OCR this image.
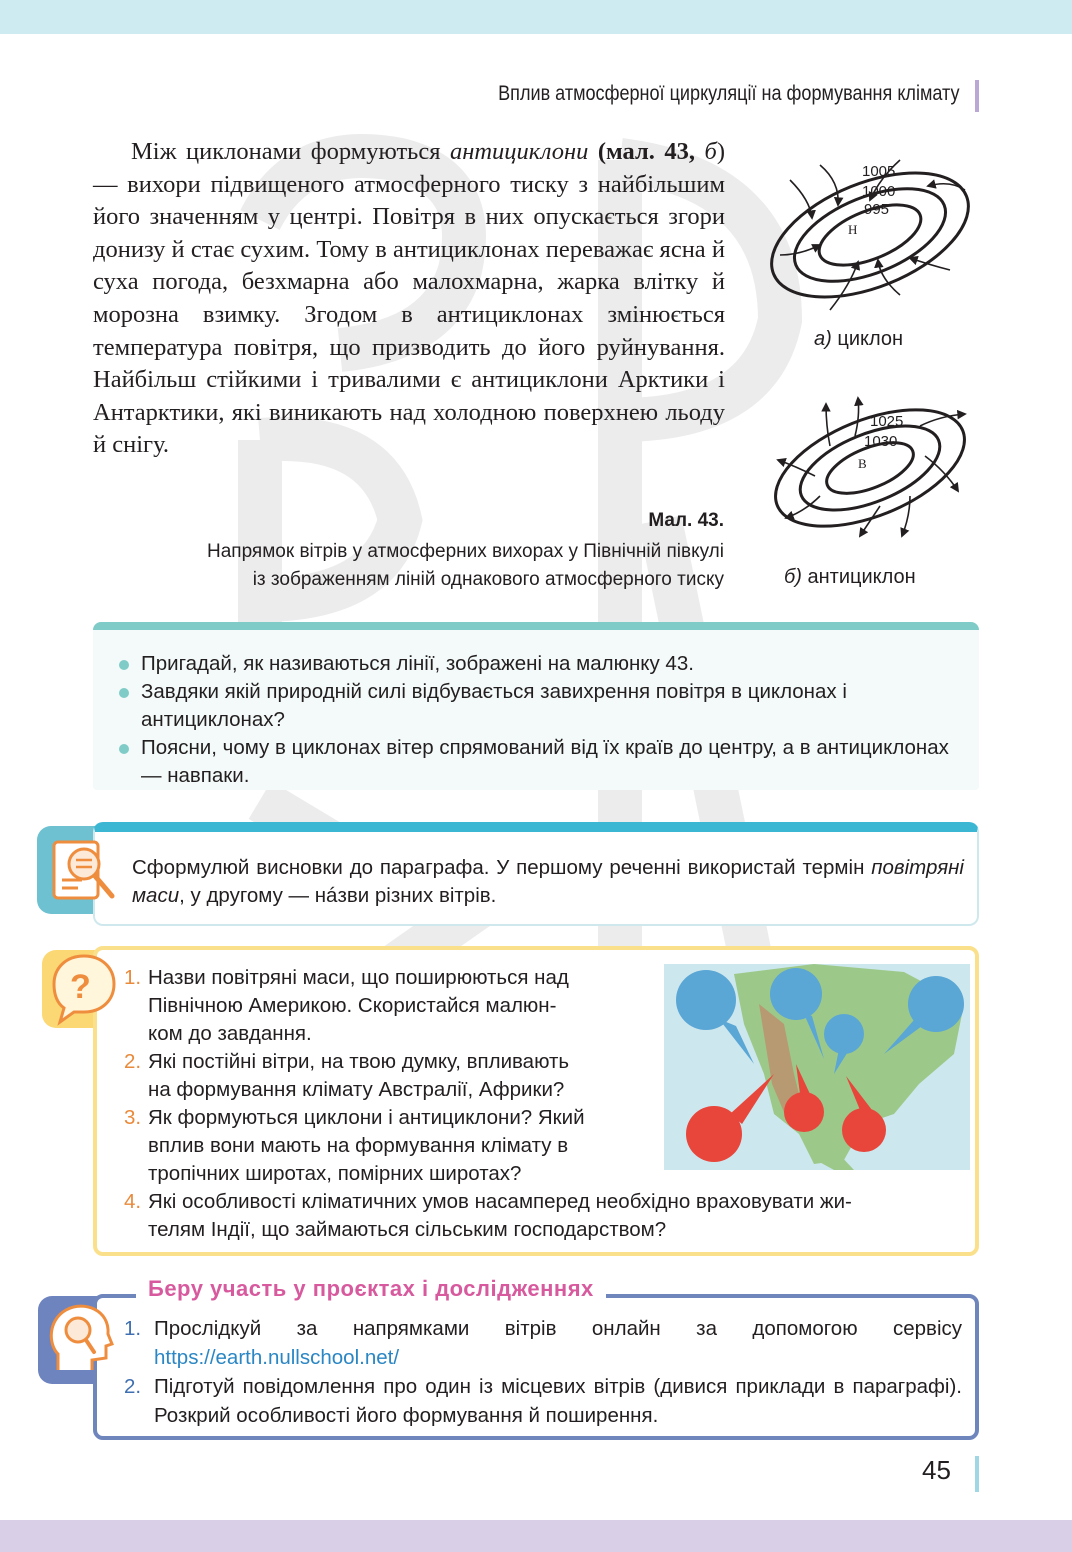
Вплив атмосферної циркуляції на формування клімату

Між циклонами формуються антициклони (мал. 43, б) — вихори підвищеного атмосферного тиску з найбільшим його значенням у центрі. Повітря в них опускається згори донизу й стає сухим. Тому в антициклонах переважає ясна й суха погода, безхмарна або малохмарна, жарка влітку й морозна взимку. Згодом в антициклонах змінюється температура повітря, що призводить до його руйнування. Найбільш стійкими і тривалими є антициклони Арктики і Антарктики, які виникають над холодною поверхнею льоду й снігу.

1005
1000
995
Н
а) циклон
1025
1030
В
б) антициклон
Мал. 43.
Напрямок вітрів у атмосферних вихорах у Північній півкулі
із зображенням ліній однакового атмосферного тиску
Пригадай, як називаються лінії, зображені на малюнку 43.
Завдяки якій природній силі відбувається завихрення повітря в циклонах і антициклонах?
Поясни, чому в циклонах вітер спрямований від їх країв до центру, а в антициклонах — навпаки.
Сформулюй висновки до параграфа. У першому реченні використай термін повітряні маси, у другому — нáзви різних вітрів.
? 1. Назви повітряні маси, що поширюються над
Північною Америкою. Скористайся малюн-
ком до завдання.
2. Які постійні вітри, на твою думку, впливають
на формування клімату Австралії, Африки?
3. Як формуються циклони і антициклони? Який
вплив вони мають на формування клімату в
тропічних широтах, помірних широтах?
4. Які особливості кліматичних умов насамперед необхідно враховувати жи-
телям Індії, що займаються сільським господарством?
Беру участь у проєктах і дослідженнях
1. Прослідкуй за напрямками вітрів онлайн за допомогою сервісу https://earth.nullschool.net/
2. Підготуй повідомлення про один із місцевих вітрів (дивися приклади в параграфі). Розкрий особливості його формування й поширення.
45
